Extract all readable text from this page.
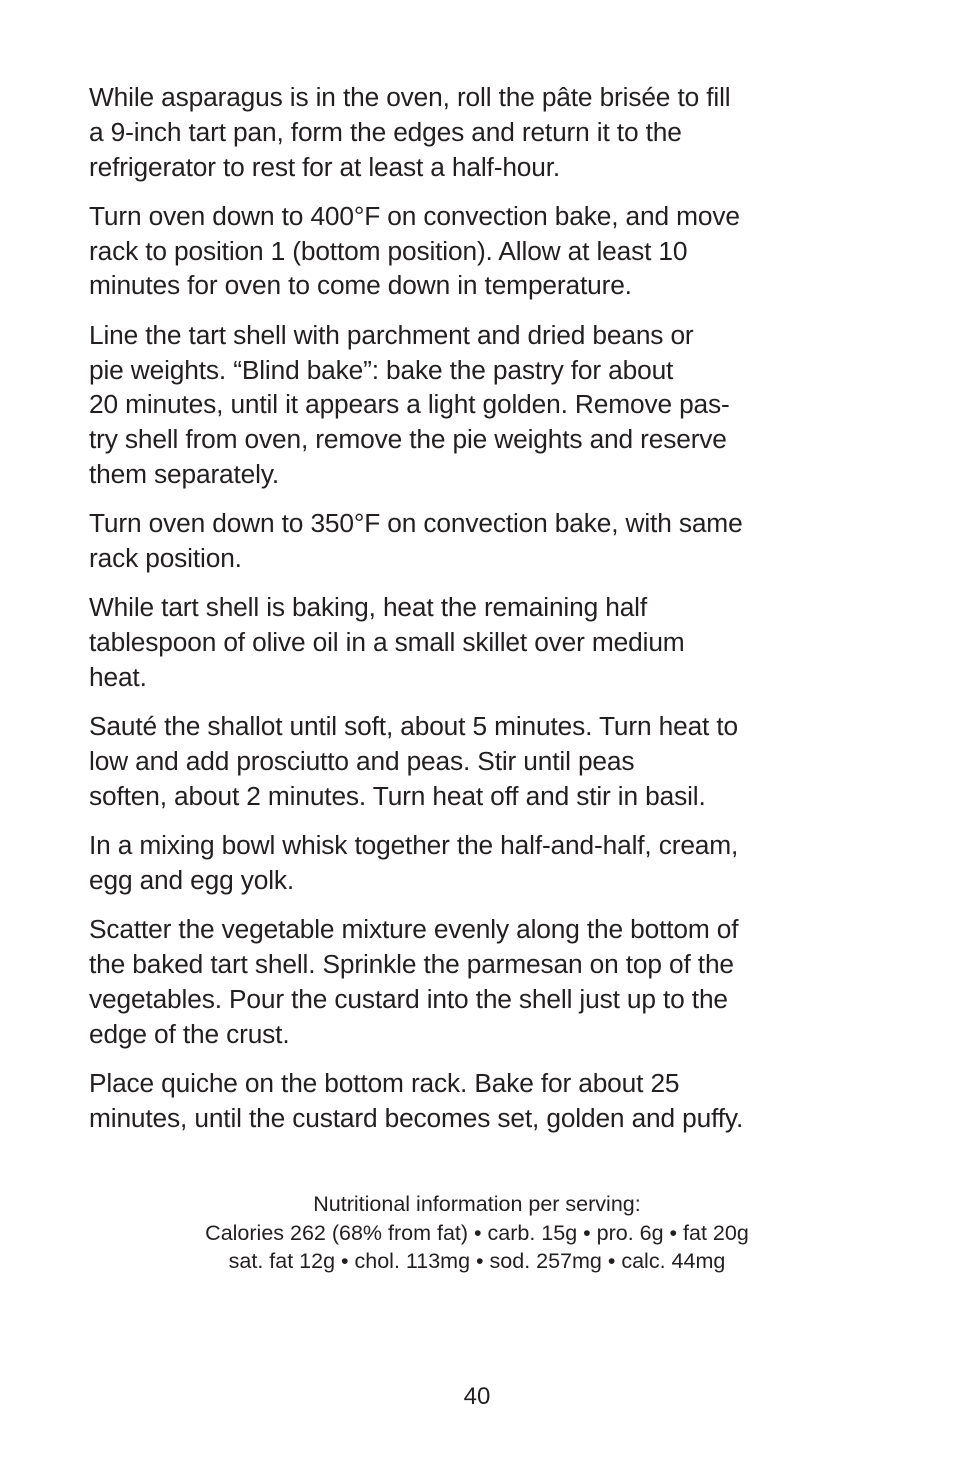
While asparagus is in the oven, roll the pâte brisée to fill
a 9-inch tart pan, form the edges and return it to the
refrigerator to rest for at least a half-hour.

Turn oven down to 400°F on convection bake, and move
rack to position 1 (bottom position). Allow at least 10
minutes for oven to come down in temperature.

Line the tart shell with parchment and dried beans or
pie weights. “Blind bake”: bake the pastry for about
20 minutes, until it appears a light golden. Remove pas-
try shell from oven, remove the pie weights and reserve
them separately.

Turn oven down to 350°F on convection bake, with same
rack position.

While tart shell is baking, heat the remaining half
tablespoon of olive oil in a small skillet over medium
heat.

Sauté the shallot until soft, about 5 minutes. Turn heat to
low and add prosciutto and peas. Stir until peas
soften, about 2 minutes. Turn heat off and stir in basil.

In a mixing bowl whisk together the half-and-half, cream,
egg and egg yolk.

Scatter the vegetable mixture evenly along the bottom of
the baked tart shell. Sprinkle the parmesan on top of the
vegetables. Pour the custard into the shell just up to the
edge of the crust.

Place quiche on the bottom rack. Bake for about 25
minutes, until the custard becomes set, golden and puffy.

Nutritional information per serving:
Calories 262 (68% from fat) • carb. 15g • pro. 6g • fat 20g
sat. fat 12g • chol. 113mg • sod. 257mg • calc. 44mg
40
